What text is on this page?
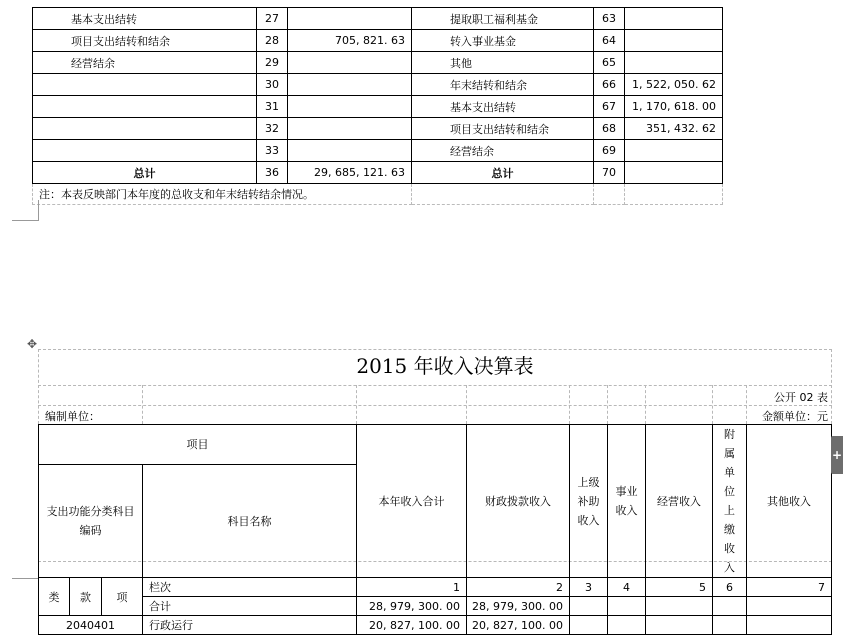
基本支出结转	27		提取职工福利基金	63	
项目支出结转和结余	28	705, 821. 63	转入事业基金	64	
经营结余	29		其他	65	
	30		年末结转和结余	66	1, 522, 050. 62
	31		基本支出结转	67	1, 170, 618. 00
	32		项目支出结转和结余	68	351, 432. 62
	33		经营结余	69	
总计	36	29, 685, 121. 63	总计	70	
注：本表反映部门本年度的总收支和年末结转结余情况。					
✥
2015 年收入决算表
公开 02 表
编制单位：	金额单位：元
项目				本年收入合计	财政拨款收入	上级补助收入	事业收入	经营收入	附属单位上缴收入	其他收入
支出功能分类科目编码			科目名称							
类	款	项	栏次	1	2	3	4	5	6	7
			合计	28, 979, 300. 00	28, 979, 300. 00					
2040401			行政运行	20, 827, 100. 00	20, 827, 100. 00					
+
